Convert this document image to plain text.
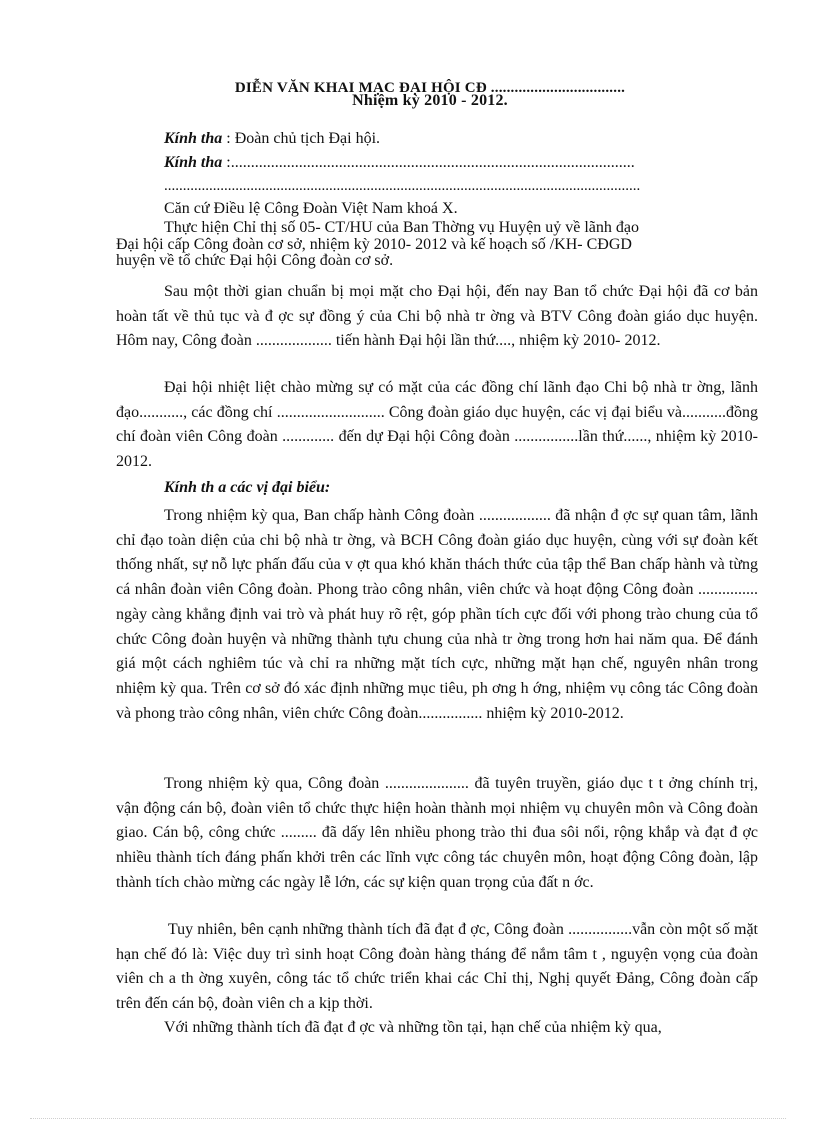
DIỄN VĂN KHAI MẠC ĐẠI HỘI CĐ ..................................
Nhiệm kỳ 2010 - 2012.
Kính tha : Đoàn chủ tịch Đại hội.
Kính tha :.....................................................................................................
...............................................................................................................................
Căn cứ Điều lệ Công Đoàn Việt Nam khoá X.
Thực hiện Chỉ thị số 05- CT/HU của Ban Thờng vụ Huyện uỷ về lãnh đạo
Đại hội cấp Công đoàn cơ sở, nhiệm kỳ 2010- 2012 và kế hoạch số /KH- CĐGD
huyện về tổ chức Đại hội Công đoàn cơ sở.

Sau một thời gian chuẩn bị mọi mặt cho Đại hội, đến nay Ban tổ chức Đại hội đã cơ bản hoàn tất về thủ tục và đ ợc sự đồng ý của Chi bộ nhà tr ờng và BTV Công đoàn giáo dục huyện. Hôm nay, Công đoàn ................... tiến hành Đại hội lần thứ...., nhiệm kỳ 2010- 2012.

Đại hội nhiệt liệt chào mừng sự có mặt của các đồng chí lãnh đạo Chi bộ nhà tr ờng, lãnh đạo..........., các đồng chí ........................... Công đoàn giáo dục huyện, các vị đại biểu và...........đồng chí đoàn viên Công đoàn ............. đến dự Đại hội Công đoàn ................lần thứ......, nhiệm kỳ 2010-2012.

Kính th a các vị đại biểu:

Trong nhiệm kỳ qua, Ban chấp hành Công đoàn .................. đã nhận đ ợc sự quan tâm, lãnh chỉ đạo toàn diện của chi bộ nhà tr ờng, và BCH Công đoàn giáo dục huyện, cùng với sự đoàn kết thống nhất, sự nỗ lực phấn đấu của v ợt qua khó khăn thách thức của tập thể Ban chấp hành và từng cá nhân đoàn viên Công đoàn. Phong trào công nhân, viên chức và hoạt động Công đoàn ............... ngày càng khẳng định vai trò và phát huy rõ rệt, góp phần tích cực đối với phong trào chung của tổ chức Công đoàn huyện và những thành tựu chung của nhà tr ờng trong hơn hai năm qua. Để đánh giá một cách nghiêm túc và chỉ ra những mặt tích cực, những mặt hạn chế, nguyên nhân trong nhiệm kỳ qua. Trên cơ sở đó xác định những mục tiêu, ph ơng h ớng, nhiệm vụ công tác Công đoàn và phong trào công nhân, viên chức Công đoàn................ nhiệm kỳ 2010-2012.

Trong nhiệm kỳ qua, Công đoàn ..................... đã tuyên truyền, giáo dục t t ởng chính trị, vận động cán bộ, đoàn viên tổ chức thực hiện hoàn thành mọi nhiệm vụ chuyên môn và Công đoàn giao. Cán bộ, công chức ......... đã dấy lên nhiều phong trào thi đua sôi nổi, rộng khắp và đạt đ ợc nhiều thành tích đáng phấn khởi trên các lĩnh vực công tác chuyên môn, hoạt động Công đoàn, lập thành tích chào mừng các ngày lễ lớn, các sự kiện quan trọng của đất n ớc.

Tuy nhiên, bên cạnh những thành tích đã đạt đ ợc, Công đoàn ................vẫn còn một số mặt hạn chế đó là: Việc duy trì sinh hoạt Công đoàn hàng tháng để nắm tâm t , nguyện vọng của đoàn viên ch a th ờng xuyên, công tác tổ chức triển khai các Chỉ thị, Nghị quyết Đảng, Công đoàn cấp trên đến cán bộ, đoàn viên ch a kịp thời.

Với những thành tích đã đạt đ ợc và những tồn tại, hạn chế của nhiệm kỳ qua,
